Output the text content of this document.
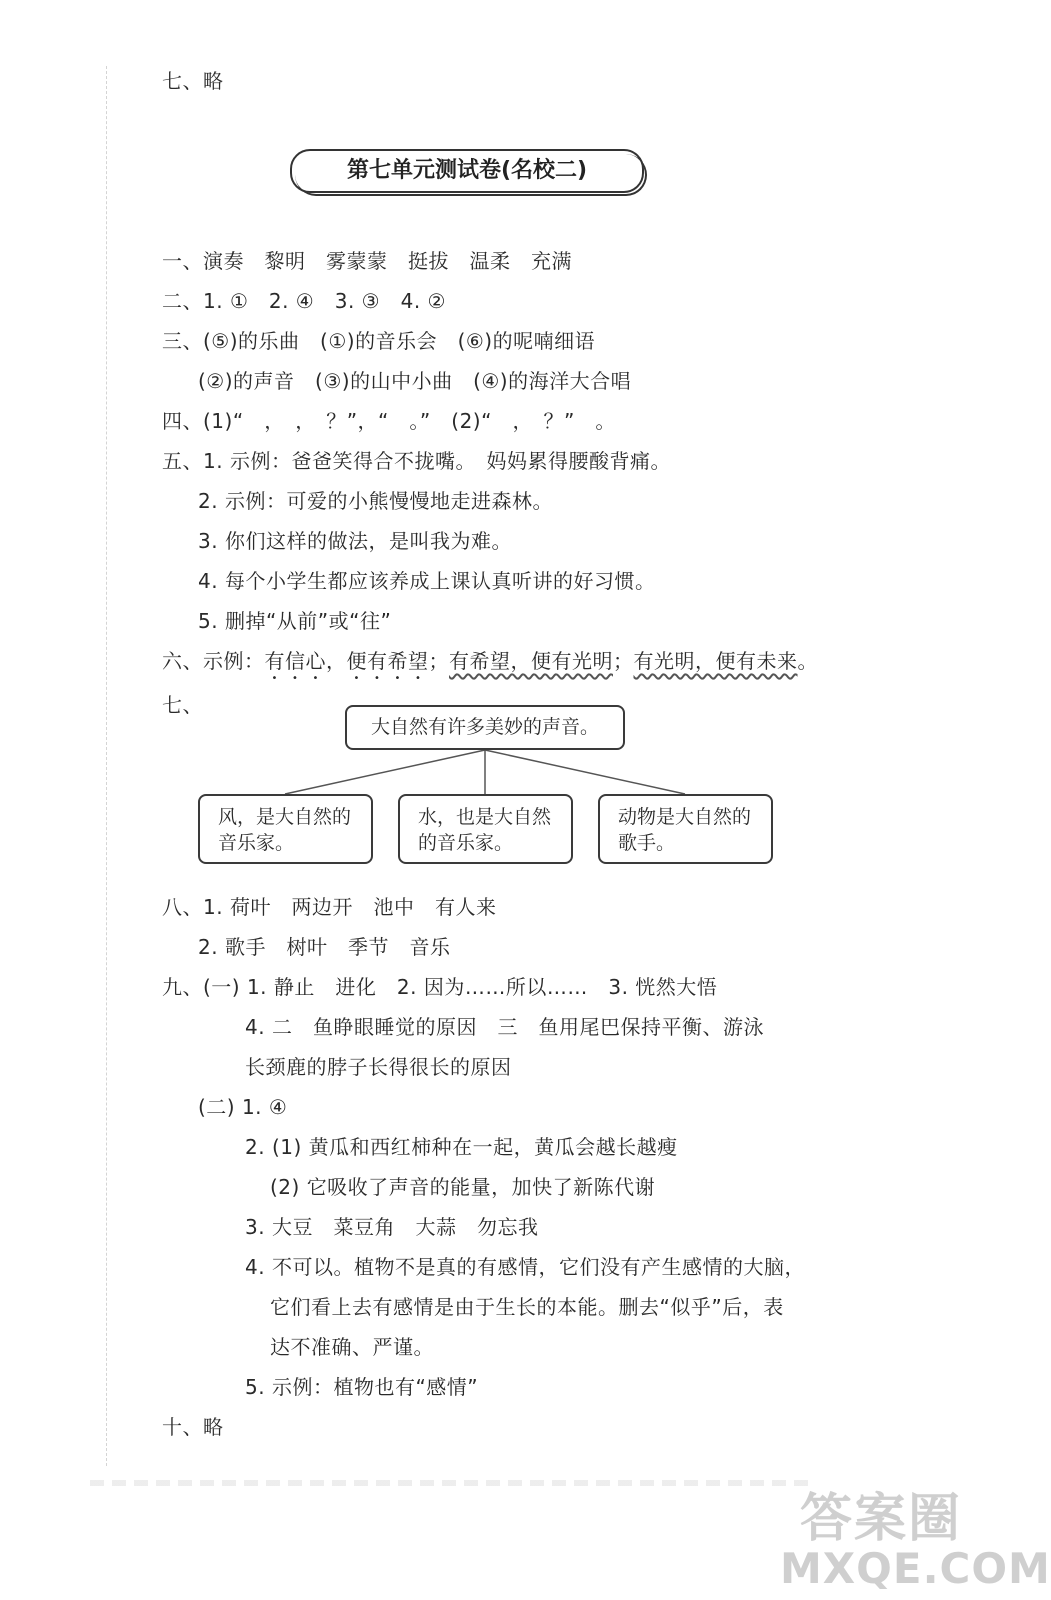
七、略
第七单元测试卷(名校二)
一、演奏　黎明　雾蒙蒙　挺拔　温柔　充满
二、1. ①　2. ④　3. ③　4. ②
三、(⑤)的乐曲　(①)的音乐会　(⑥)的呢喃细语
(②)的声音　(③)的山中小曲　(④)的海洋大合唱
四、(1)“　，　，　？”，“　。”　(2)“　，　？”　。
五、1. 示例：爸爸笑得合不拢嘴。　妈妈累得腰酸背痛。
2. 示例：可爱的小熊慢慢地走进森林。
3. 你们这样的做法，是叫我为难。
4. 每个小学生都应该养成上课认真听讲的好习惯。
5. 删掉“从前”或“往”
六、示例：有信心，便有希望；有希望，便有光明；有光明，便有未来。
七、
大自然有许多美妙的声音。
风，是大自然的
音乐家。
水，也是大自然
的音乐家。
动物是大自然的
歌手。
八、1. 荷叶　两边开　池中　有人来
2. 歌手　树叶　季节　音乐
九、(一) 1. 静止　进化　2. 因为……所以……　3. 恍然大悟
4. 二　鱼睁眼睡觉的原因　三　鱼用尾巴保持平衡、游泳
长颈鹿的脖子长得很长的原因
(二) 1. ④
2. (1) 黄瓜和西红柿种在一起，黄瓜会越长越瘦
(2) 它吸收了声音的能量，加快了新陈代谢
3. 大豆　菜豆角　大蒜　勿忘我
4. 不可以。植物不是真的有感情，它们没有产生感情的大脑，
它们看上去有感情是由于生长的本能。删去“似乎”后，表
达不准确、严谨。
5. 示例：植物也有“感情”
十、略
答案圈
MXQE.COM
